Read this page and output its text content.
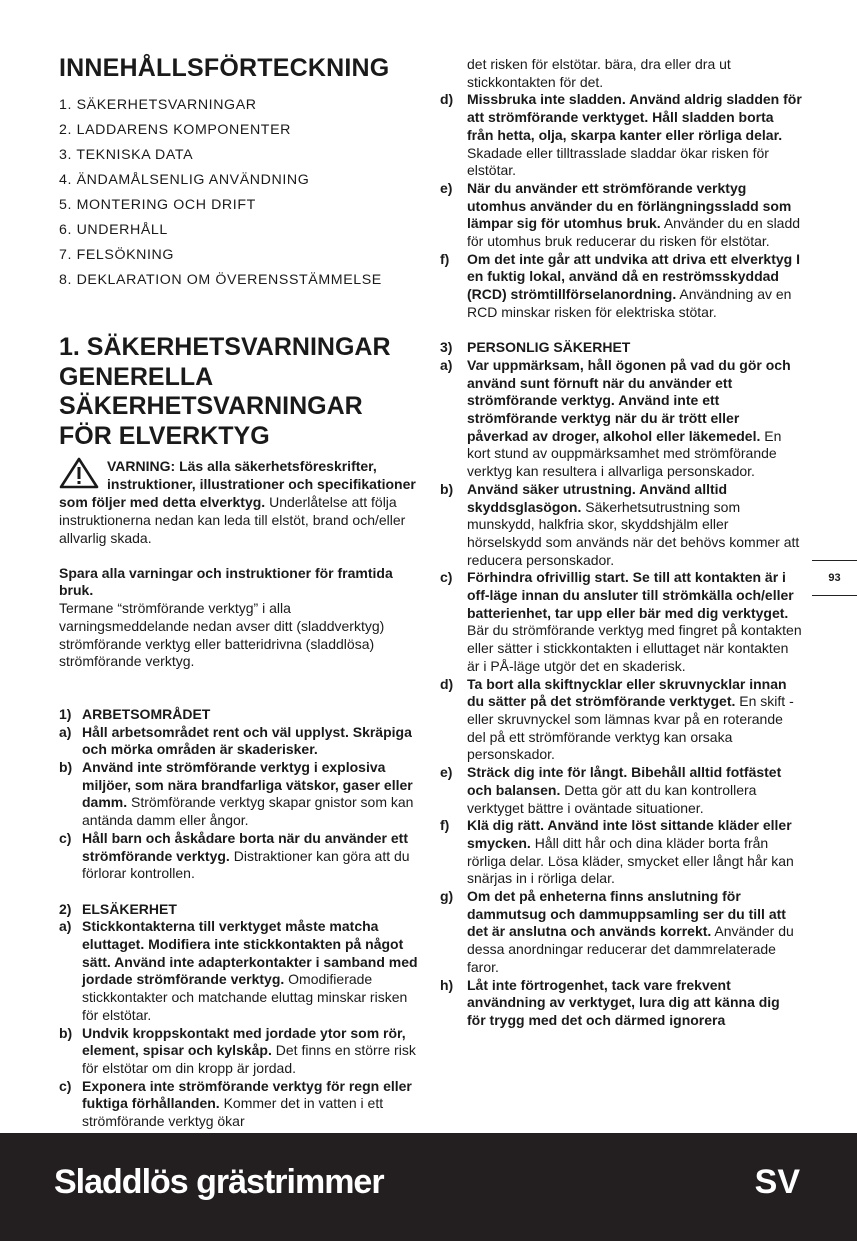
INNEHÅLLSFÖRTECKNING
1. SÄKERHETSVARNINGAR
2. LADDARENS KOMPONENTER
3. TEKNISKA DATA
4. ÄNDAMÅLSENLIG ANVÄNDNING
5. MONTERING OCH DRIFT
6. UNDERHÅLL
7. FELSÖKNING
8. DEKLARATION OM ÖVERENSSTÄMMELSE
1. SÄKERHETSVARNINGAR GENERELLA SÄKERHETSVARNINGAR FÖR ELVERKTYG
VARNING: Läs alla säkerhetsföreskrifter, instruktioner, illustrationer och specifikationer som följer med detta elverktyg. Underlåtelse att följa instruktionerna nedan kan leda till elstöt, brand och/eller allvarlig skada.

Spara alla varningar och instruktioner för framtida bruk.
Termane “strömförande verktyg” i alla varningsmeddelande nedan avser ditt (sladdverktyg) strömförande verktyg eller batteridrivna (sladdlösa) strömförande verktyg.

1) ARBETSOMRÅDET
a) Håll arbetsområdet rent och väl upplyst. Skräpiga och mörka områden är skaderisker.
b) Använd inte strömförande verktyg i explosiva miljöer, som nära brandfarliga vätskor, gaser eller damm. Strömförande verktyg skapar gnistor som kan antända damm eller ångor.
c) Håll barn och åskådare borta när du använder ett strömförande verktyg. Distraktioner kan göra att du förlorar kontrollen.
2) ELSÄKERHET
a) Stickkontakterna till verktyget måste matcha eluttaget. Modifiera inte stickkontakten på något sätt. Använd inte adapterkontakter i samband med jordade strömförande verktyg. Omodifierade stickkontakter och matchande eluttag minskar risken för elstötar.
b) Undvik kroppskontakt med jordade ytor som rör, element, spisar och kylskåp. Det finns en större risk för elstötar om din kropp är jordad.
c) Exponera inte strömförande verktyg för regn eller fuktiga förhållanden. Kommer det in vatten i ett strömförande verktyg ökar
det risken för elstötar. bära, dra eller dra ut stickkontakten för det.
d) Missbruka inte sladden. Använd aldrig sladden för att strömförande verktyget. Håll sladden borta från hetta, olja, skarpa kanter eller rörliga delar. Skadade eller tilltrasslade sladdar ökar risken för elstötar.
e) När du använder ett strömförande verktyg utomhus använder du en förlängningssladd som lämpar sig för utomhus bruk. Använder du en sladd för utomhus bruk reducerar du risken för elstötar.
f) Om det inte går att undvika att driva ett elverktyg I en fuktig lokal, använd då en reströmsskyddad (RCD) strömtillförselanordning. Användning av en RCD minskar risken för elektriska stötar.
3) PERSONLIG SÄKERHET
a) Var uppmärksam, håll ögonen på vad du gör och använd sunt förnuft när du använder ett strömförande verktyg. Använd inte ett strömförande verktyg när du är trött eller påverkad av droger, alkohol eller läkemedel. En kort stund av ouppmärksamhet med strömförande verktyg kan resultera i allvarliga personskador.
b) Använd säker utrustning. Använd alltid skyddsglasögon. Säkerhetsutrustning som munskydd, halkfria skor, skyddshjälm eller hörselskydd som används när det behövs kommer att reducera personskador.
c) Förhindra ofrivillig start. Se till att kontakten är i off-läge innan du ansluter till strömkälla och/eller batterienhet, tar upp eller bär med dig verktyget. Bär du strömförande verktyg med fingret på kontakten eller sätter i stickkontakten i elluttaget när kontakten är i PÅ-läge utgör det en skaderisk.
d) Ta bort alla skiftnycklar eller skruvnycklar innan du sätter på det strömförande verktyget. En skift - eller skruvnyckel som lämnas kvar på en roterande del på ett strömförande verktyg kan orsaka personskador.
e) Sträck dig inte för långt. Bibehåll alltid fotfästet och balansen. Detta gör att du kan kontrollera verktyget bättre i oväntade situationer.
f) Klä dig rätt. Använd inte löst sittande kläder eller smycken. Håll ditt hår och dina kläder borta från rörliga delar. Lösa kläder, smycket eller långt hår kan snärjas in i rörliga delar.
g) Om det på enheterna finns anslutning för dammutsug och dammuppsamling ser du till att det är anslutna och används korrekt. Använder du dessa anordningar reducerar det dammrelaterade faror.
h) Låt inte förtrogenhet, tack vare frekvent användning av verktyget, lura dig att känna dig för trygg med det och därmed ignorera
93
Sladdlös grästrimmer	SV
